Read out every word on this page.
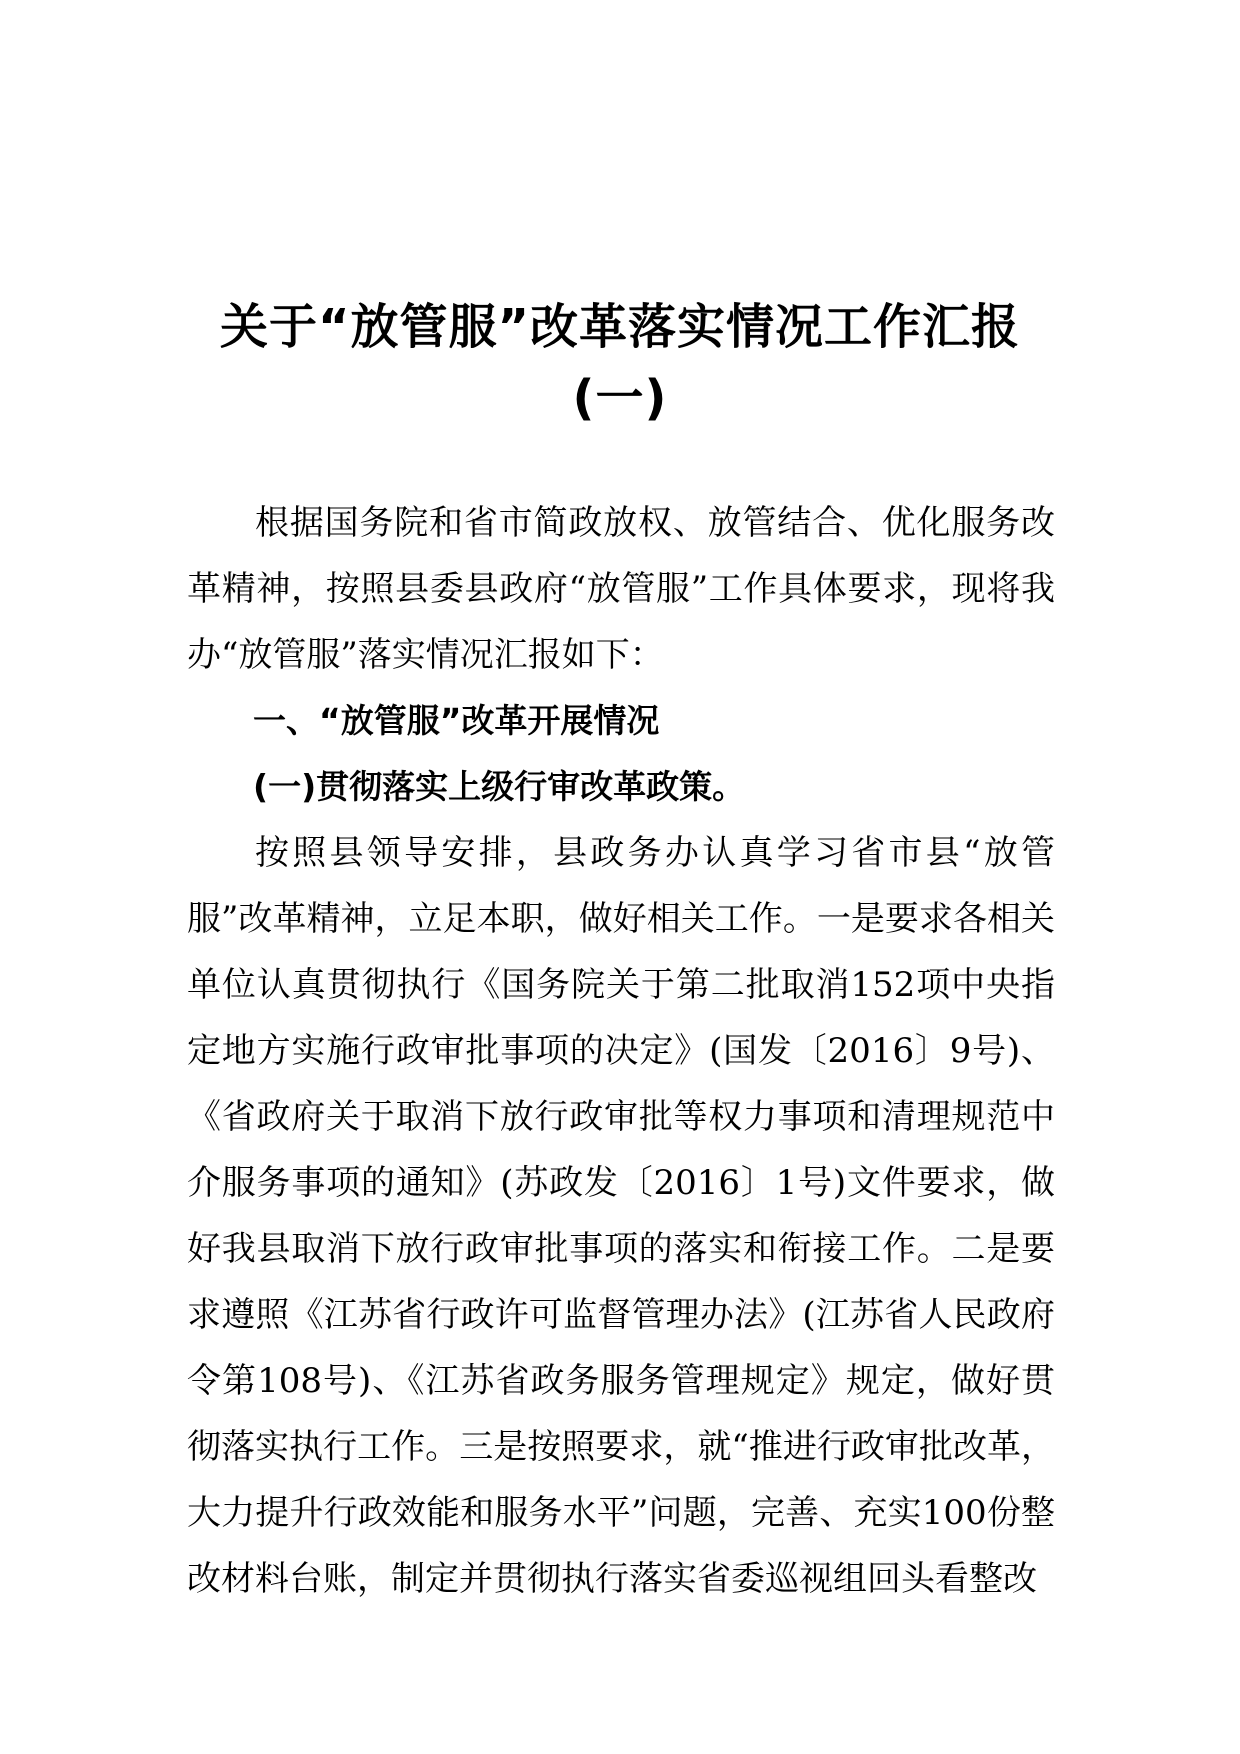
关于“放管服”改革落实情况工作汇报
(一)

根据国务院和省市简政放权、放管结合、优化服务改革精神，按照县委县政府“放管服”工作具体要求，现将我办“放管服”落实情况汇报如下：

一、“放管服”改革开展情况

(一)贯彻落实上级行审改革政策。

按照县领导安排，县政务办认真学习省市县“放管服”改革精神，立足本职，做好相关工作。一是要求各相关单位认真贯彻执行《国务院关于第二批取消152项中央指定地方实施行政审批事项的决定》(国发〔2016〕9号)、《省政府关于取消下放行政审批等权力事项和清理规范中介服务事项的通知》(苏政发〔2016〕1号)文件要求，做好我县取消下放行政审批事项的落实和衔接工作。二是要求遵照《江苏省行政许可监督管理办法》(江苏省人民政府令第108号)、《江苏省政务服务管理规定》规定，做好贯彻落实执行工作。三是按照要求，就“推进行政审批改革，大力提升行政效能和服务水平”问题，完善、充实100份整改材料台账，制定并贯彻执行落实省委巡视组回头看整改
